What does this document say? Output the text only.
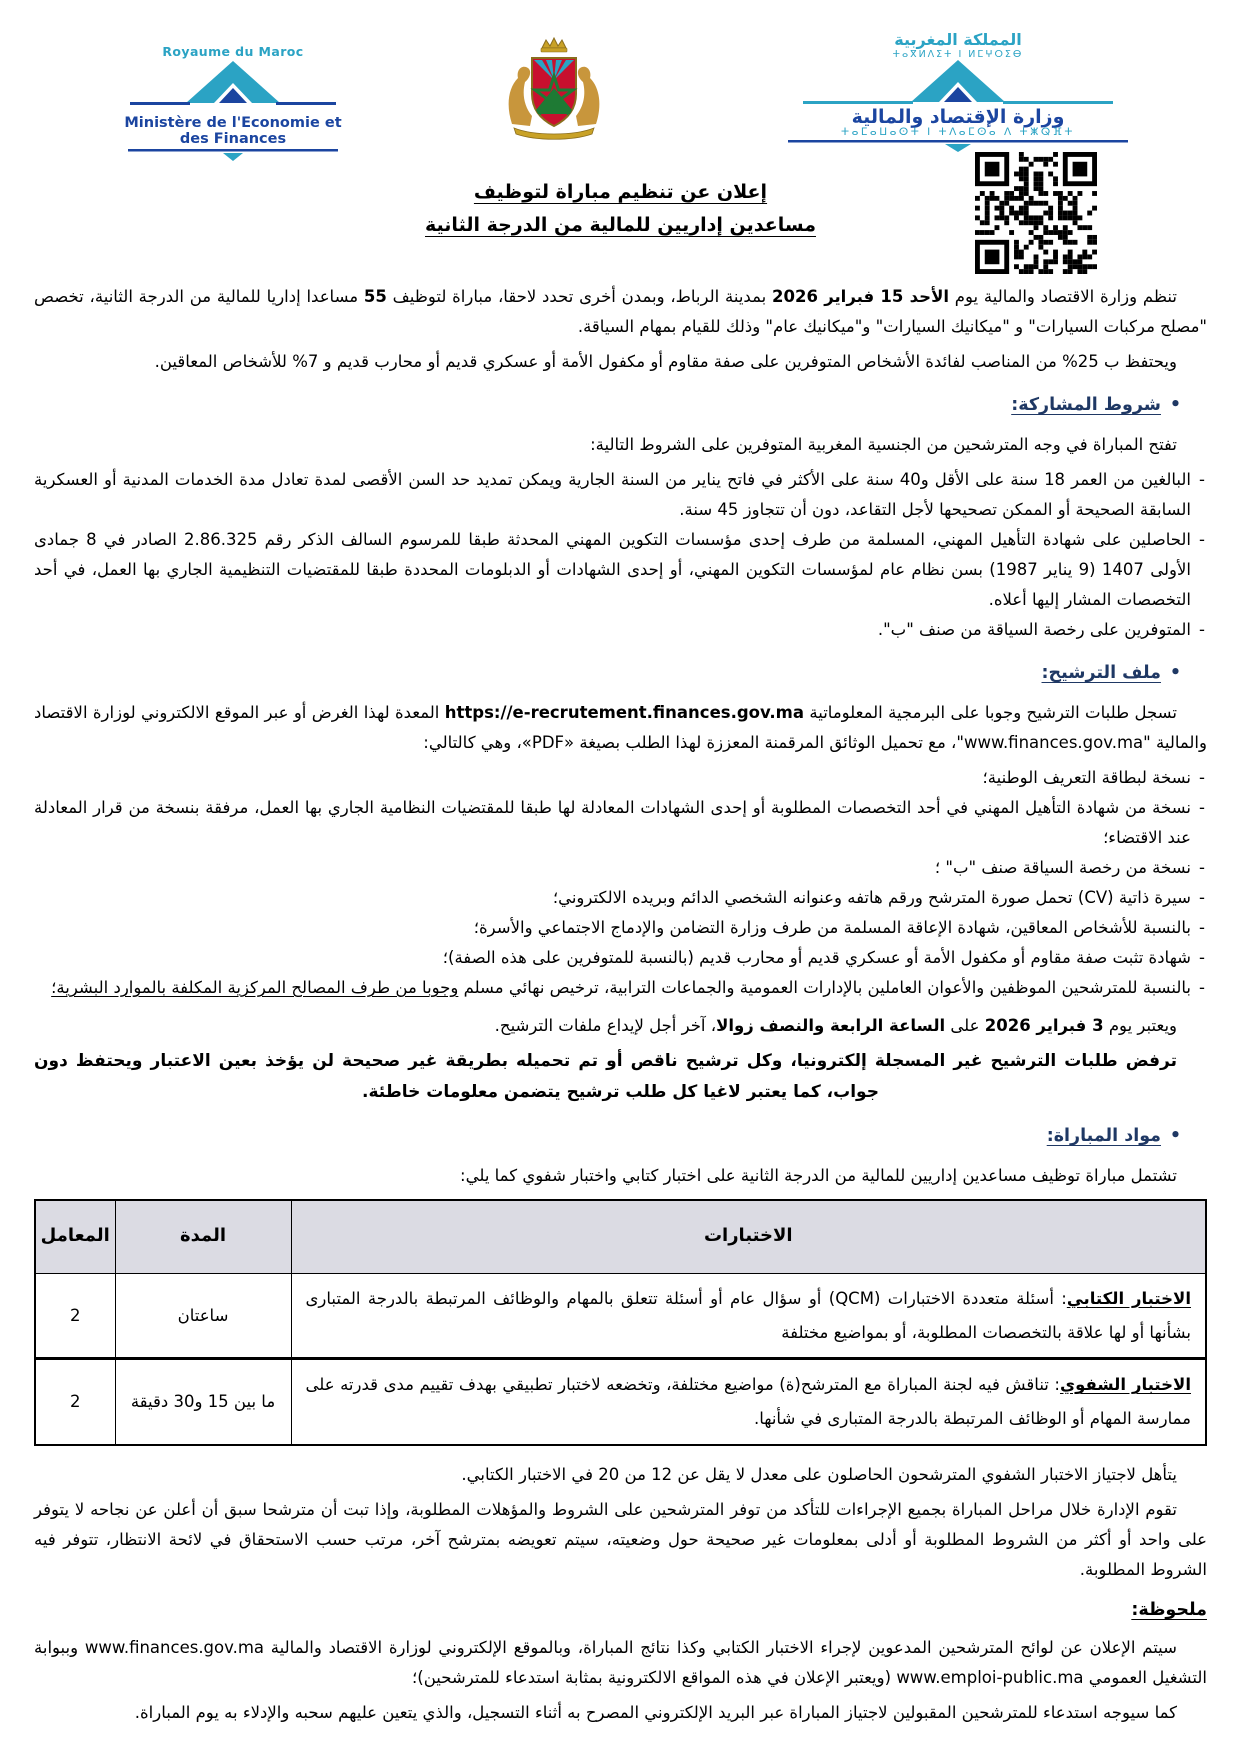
Royaume du Maroc
Ministère de l'Economie et des Finances
المملكة المغربية
ⵜⴰⴳⵍⴷⵉⵜ ⵏ ⵍⵎⵖⵔⵉⴱ
وزارة الإقتصاد والمالية
ⵜⴰⵎⴰⵡⴰⵙⵜ ⵏ ⵜⴷⴰⵎⵙⴰ ⴷ ⵜⵥⵕⴼⵜ
إعلان عن تنظيم مباراة لتوظيف
مساعدين إداريين للمالية من الدرجة الثانية

تنظم وزارة الاقتصاد والمالية يوم الأحد 15 فبراير 2026 بمدينة الرباط، وبمدن أخرى تحدد لاحقا، مباراة لتوظيف 55 مساعدا إداريا للمالية من الدرجة الثانية، تخصص "مصلح مركبات السيارات" و "ميكانيك السيارات" و"ميكانيك عام" وذلك للقيام بمهام السياقة.

ويحتفظ ب 25% من المناصب لفائدة الأشخاص المتوفرين على صفة مقاوم أو مكفول الأمة أو عسكري قديم أو محارب قديم و 7% للأشخاص المعاقين.

• شروط المشاركة:

تفتح المباراة في وجه المترشحين من الجنسية المغربية المتوفرين على الشروط التالية:

- البالغين من العمر 18 سنة على الأقل و40 سنة على الأكثر في فاتح يناير من السنة الجارية ويمكن تمديد حد السن الأقصى لمدة تعادل مدة الخدمات المدنية أو العسكرية السابقة الصحيحة أو الممكن تصحيحها لأجل التقاعد، دون أن تتجاوز 45 سنة.
- الحاصلين على شهادة التأهيل المهني، المسلمة من طرف إحدى مؤسسات التكوين المهني المحدثة طبقا للمرسوم السالف الذكر رقم 2.86.325 الصادر في 8 جمادى الأولى 1407 (9 يناير 1987) بسن نظام عام لمؤسسات التكوين المهني، أو إحدى الشهادات أو الدبلومات المحددة طبقا للمقتضيات التنظيمية الجاري بها العمل، في أحد التخصصات المشار إليها أعلاه.
- المتوفرين على رخصة السياقة من صنف "ب".
• ملف الترشيح:

تسجل طلبات الترشيح وجوبا على البرمجية المعلوماتية https://e-recrutement.finances.gov.ma المعدة لهذا الغرض أو عبر الموقع الالكتروني لوزارة الاقتصاد والمالية "www.finances.gov.ma"، مع تحميل الوثائق المرقمنة المعززة لهذا الطلب بصيغة «PDF»، وهي كالتالي:

- نسخة لبطاقة التعريف الوطنية؛
- نسخة من شهادة التأهيل المهني في أحد التخصصات المطلوبة أو إحدى الشهادات المعادلة لها طبقا للمقتضيات النظامية الجاري بها العمل، مرفقة بنسخة من قرار المعادلة عند الاقتضاء؛
- نسخة من رخصة السياقة صنف "ب" ؛
- سيرة ذاتية (CV) تحمل صورة المترشح ورقم هاتفه وعنوانه الشخصي الدائم وبريده الالكتروني؛
- بالنسبة للأشخاص المعاقين، شهادة الإعاقة المسلمة من طرف وزارة التضامن والإدماج الاجتماعي والأسرة؛
- شهادة تثبت صفة مقاوم أو مكفول الأمة أو عسكري قديم أو محارب قديم (بالنسبة للمتوفرين على هذه الصفة)؛
- بالنسبة للمترشحين الموظفين والأعوان العاملين بالإدارات العمومية والجماعات الترابية، ترخيص نهائي مسلم وجوبا من طرف المصالح المركزية المكلفة بالموارد البشرية؛

ويعتبر يوم 3 فبراير 2026 على الساعة الرابعة والنصف زوالا، آخر أجل لإيداع ملفات الترشيح.

ترفض طلبات الترشيح غير المسجلة إلكترونيا، وكل ترشيح ناقص أو تم تحميله بطريقة غير صحيحة لن يؤخذ بعين الاعتبار ويحتفظ دون جواب، كما يعتبر لاغيا كل طلب ترشيح يتضمن معلومات خاطئة.

• مواد المباراة:

تشتمل مباراة توظيف مساعدين إداريين للمالية من الدرجة الثانية على اختبار كتابي واختبار شفوي كما يلي:

الاختبارات	المدة	المعامل
الاختبار الكتابي: أسئلة متعددة الاختبارات (QCM) أو سؤال عام أو أسئلة تتعلق بالمهام والوظائف المرتبطة بالدرجة المتبارى بشأنها أو لها علاقة بالتخصصات المطلوبة، أو بمواضيع مختلفة	ساعتان	2
الاختبار الشفوي: تناقش فيه لجنة المباراة مع المترشح(ة) مواضيع مختلفة، وتخضعه لاختبار تطبيقي بهدف تقييم مدى قدرته على ممارسة المهام أو الوظائف المرتبطة بالدرجة المتبارى في شأنها.	ما بين 15 و30 دقيقة	2

يتأهل لاجتياز الاختبار الشفوي المترشحون الحاصلون على معدل لا يقل عن 12 من 20 في الاختبار الكتابي.

تقوم الإدارة خلال مراحل المباراة بجميع الإجراءات للتأكد من توفر المترشحين على الشروط والمؤهلات المطلوبة، وإذا تبت أن مترشحا سبق أن أعلن عن نجاحه لا يتوفر على واحد أو أكثر من الشروط المطلوبة أو أدلى بمعلومات غير صحيحة حول وضعيته، سيتم تعويضه بمترشح آخر، مرتب حسب الاستحقاق في لائحة الانتظار، تتوفر فيه الشروط المطلوبة.

ملحوظة:

سيتم الإعلان عن لوائح المترشحين المدعوين لإجراء الاختبار الكتابي وكذا نتائج المباراة، وبالموقع الإلكتروني لوزارة الاقتصاد والمالية www.finances.gov.ma وببوابة التشغيل العمومي www.emploi-public.ma (ويعتبر الإعلان في هذه المواقع الالكترونية بمثابة استدعاء للمترشحين)؛

كما سيوجه استدعاء للمترشحين المقبولين لاجتياز المباراة عبر البريد الإلكتروني المصرح به أثناء التسجيل، والذي يتعين عليهم سحبه والإدلاء به يوم المباراة.
